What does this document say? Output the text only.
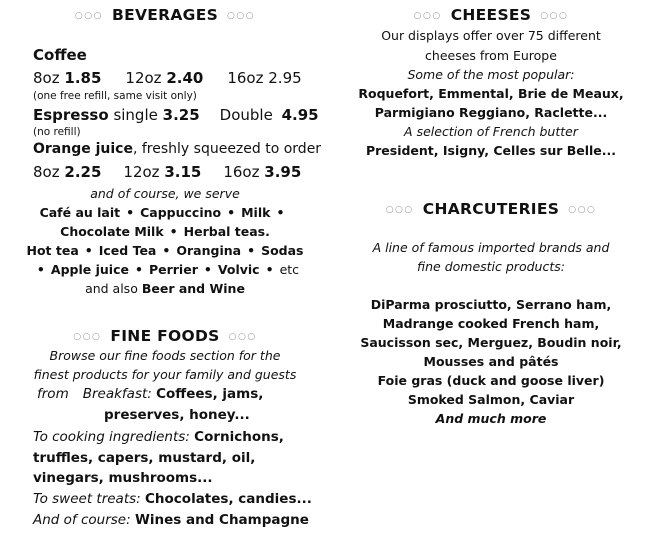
○○○ BEVERAGES ○○○
Coffee
8oz 1.85 12oz 2.40 16oz 2.95
(one free refill, same visit only)
Espresso single 3.25 Double 4.95
(no refill)
Orange juice, freshly squeezed to order
8oz 2.25 12oz 3.15 16oz 3.95
and of course, we serve
Café au lait • Cappuccino • Milk •
Chocolate Milk • Herbal teas.
Hot tea • Iced Tea • Orangina • Sodas
• Apple juice • Perrier • Volvic • etc
and also Beer and Wine
○○○ FINE FOODS ○○○
Browse our fine foods section for the
finest products for your family and guests
from Breakfast: Coffees, jams,
preserves, honey...
To cooking ingredients: Cornichons,
truffles, capers, mustard, oil,
vinegars, mushrooms...
To sweet treats: Chocolates, candies...
And of course: Wines and Champagne
○○○ CHEESES ○○○
Our displays offer over 75 different
cheeses from Europe
Some of the most popular:
Roquefort, Emmental, Brie de Meaux,
Parmigiano Reggiano, Raclette...
A selection of French butter
President, Isigny, Celles sur Belle...
○○○ CHARCUTERIES ○○○
A line of famous imported brands and
fine domestic products:
DiParma prosciutto, Serrano ham,
Madrange cooked French ham,
Saucisson sec, Merguez, Boudin noir,
Mousses and pâtés
Foie gras (duck and goose liver)
Smoked Salmon, Caviar
And much more
